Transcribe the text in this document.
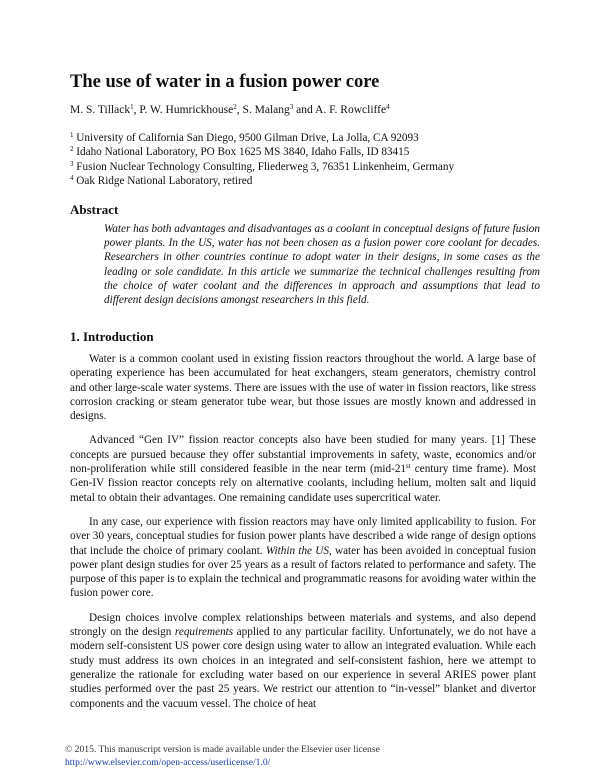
The use of water in a fusion power core
M. S. Tillack$^1$, P. W. Humrickhouse$^2$, S. Malang$^3$ and A. F. Rowcliffe$^4$
$^1$ University of California San Diego, 9500 Gilman Drive, La Jolla, CA 92093
$^2$ Idaho National Laboratory, PO Box 1625 MS 3840, Idaho Falls, ID 83415
$^3$ Fusion Nuclear Technology Consulting, Fliederweg 3, 76351 Linkenheim, Germany
$^4$ Oak Ridge National Laboratory, retired
Abstract
Water has both advantages and disadvantages as a coolant in conceptual designs of future fusion power plants. In the US, water has not been chosen as a fusion power core coolant for decades. Researchers in other countries continue to adopt water in their designs, in some cases as the leading or sole candidate. In this article we summarize the technical challenges resulting from the choice of water coolant and the differences in approach and assumptions that lead to different design decisions amongst researchers in this field.
1. Introduction

Water is a common coolant used in existing fission reactors throughout the world. A large base of operating experience has been accumulated for heat exchangers, steam generators, chemistry control and other large-scale water systems. There are issues with the use of water in fission reactors, like stress corrosion cracking or steam generator tube wear, but those issues are mostly known and addressed in designs.

Advanced “Gen IV” fission reactor concepts also have been studied for many years. [1] These concepts are pursued because they offer substantial improvements in safety, waste, economics and/or non-proliferation while still considered feasible in the near term (mid-21st century time frame). Most Gen-IV fission reactor concepts rely on alternative coolants, including helium, molten salt and liquid metal to obtain their advantages. One remaining candidate uses supercritical water.

In any case, our experience with fission reactors may have only limited applicability to fusion. For over 30 years, conceptual studies for fusion power plants have described a wide range of design options that include the choice of primary coolant. Within the US, water has been avoided in conceptual fusion power plant design studies for over 25 years as a result of factors related to performance and safety. The purpose of this paper is to explain the technical and programmatic reasons for avoiding water within the fusion power core.

Design choices involve complex relationships between materials and systems, and also depend strongly on the design requirements applied to any particular facility. Unfortunately, we do not have a modern self-consistent US power core design using water to allow an integrated evaluation. While each study must address its own choices in an integrated and self-consistent fashion, here we attempt to generalize the rationale for excluding water based on our experience in several ARIES power plant studies performed over the past 25 years. We restrict our attention to “in-vessel” blanket and divertor components and the vacuum vessel. The choice of heat

© 2015. This manuscript version is made available under the Elsevier user license
http://www.elsevier.com/open-access/userlicense/1.0/
